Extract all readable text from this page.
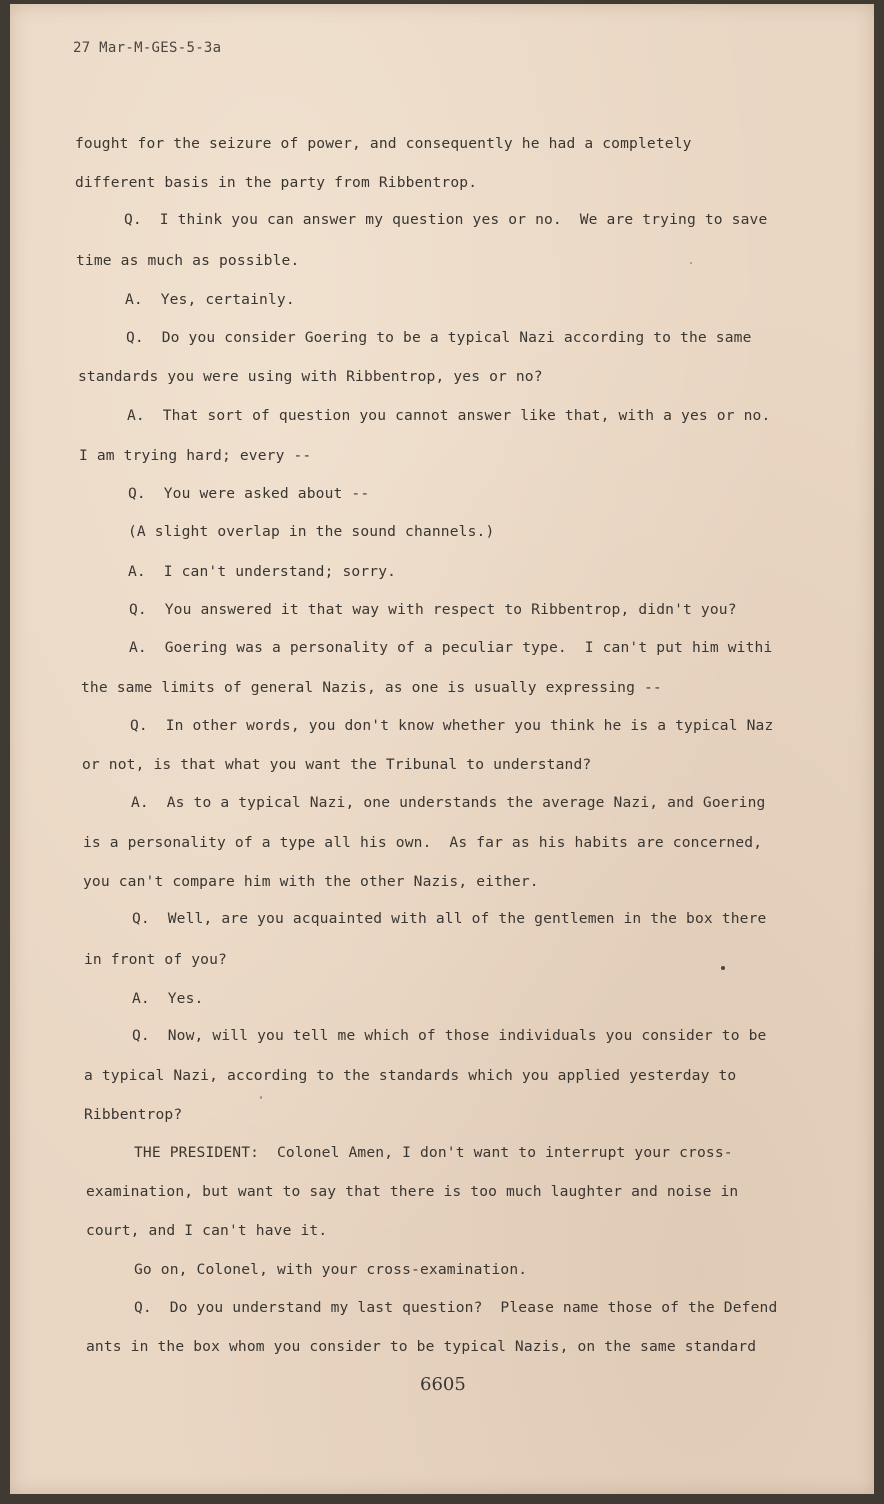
27 Mar-M-GES-5-3a
fought for the seizure of power, and consequently he had a completely
different basis in the party from Ribbentrop.
Q.  I think you can answer my question yes or no.  We are trying to save
time as much as possible.
A.  Yes, certainly.
Q.  Do you consider Goering to be a typical Nazi according to the same
standards you were using with Ribbentrop, yes or no?
A.  That sort of question you cannot answer like that, with a yes or no.
I am trying hard; every --
Q.  You were asked about --
(A slight overlap in the sound channels.)
A.  I can't understand; sorry.
Q.  You answered it that way with respect to Ribbentrop, didn't you?
A.  Goering was a personality of a peculiar type.  I can't put him withi
the same limits of general Nazis, as one is usually expressing --
Q.  In other words, you don't know whether you think he is a typical Naz
or not, is that what you want the Tribunal to understand?
A.  As to a typical Nazi, one understands the average Nazi, and Goering
is a personality of a type all his own.  As far as his habits are concerned,
you can't compare him with the other Nazis, either.
Q.  Well, are you acquainted with all of the gentlemen in the box there
in front of you?
A.  Yes.
Q.  Now, will you tell me which of those individuals you consider to be
a typical Nazi, according to the standards which you applied yesterday to
Ribbentrop?
THE PRESIDENT:  Colonel Amen, I don't want to interrupt your cross-
examination, but want to say that there is too much laughter and noise in
court, and I can't have it.
Go on, Colonel, with your cross-examination.
Q.  Do you understand my last question?  Please name those of the Defend
ants in the box whom you consider to be typical Nazis, on the same standard
6605
